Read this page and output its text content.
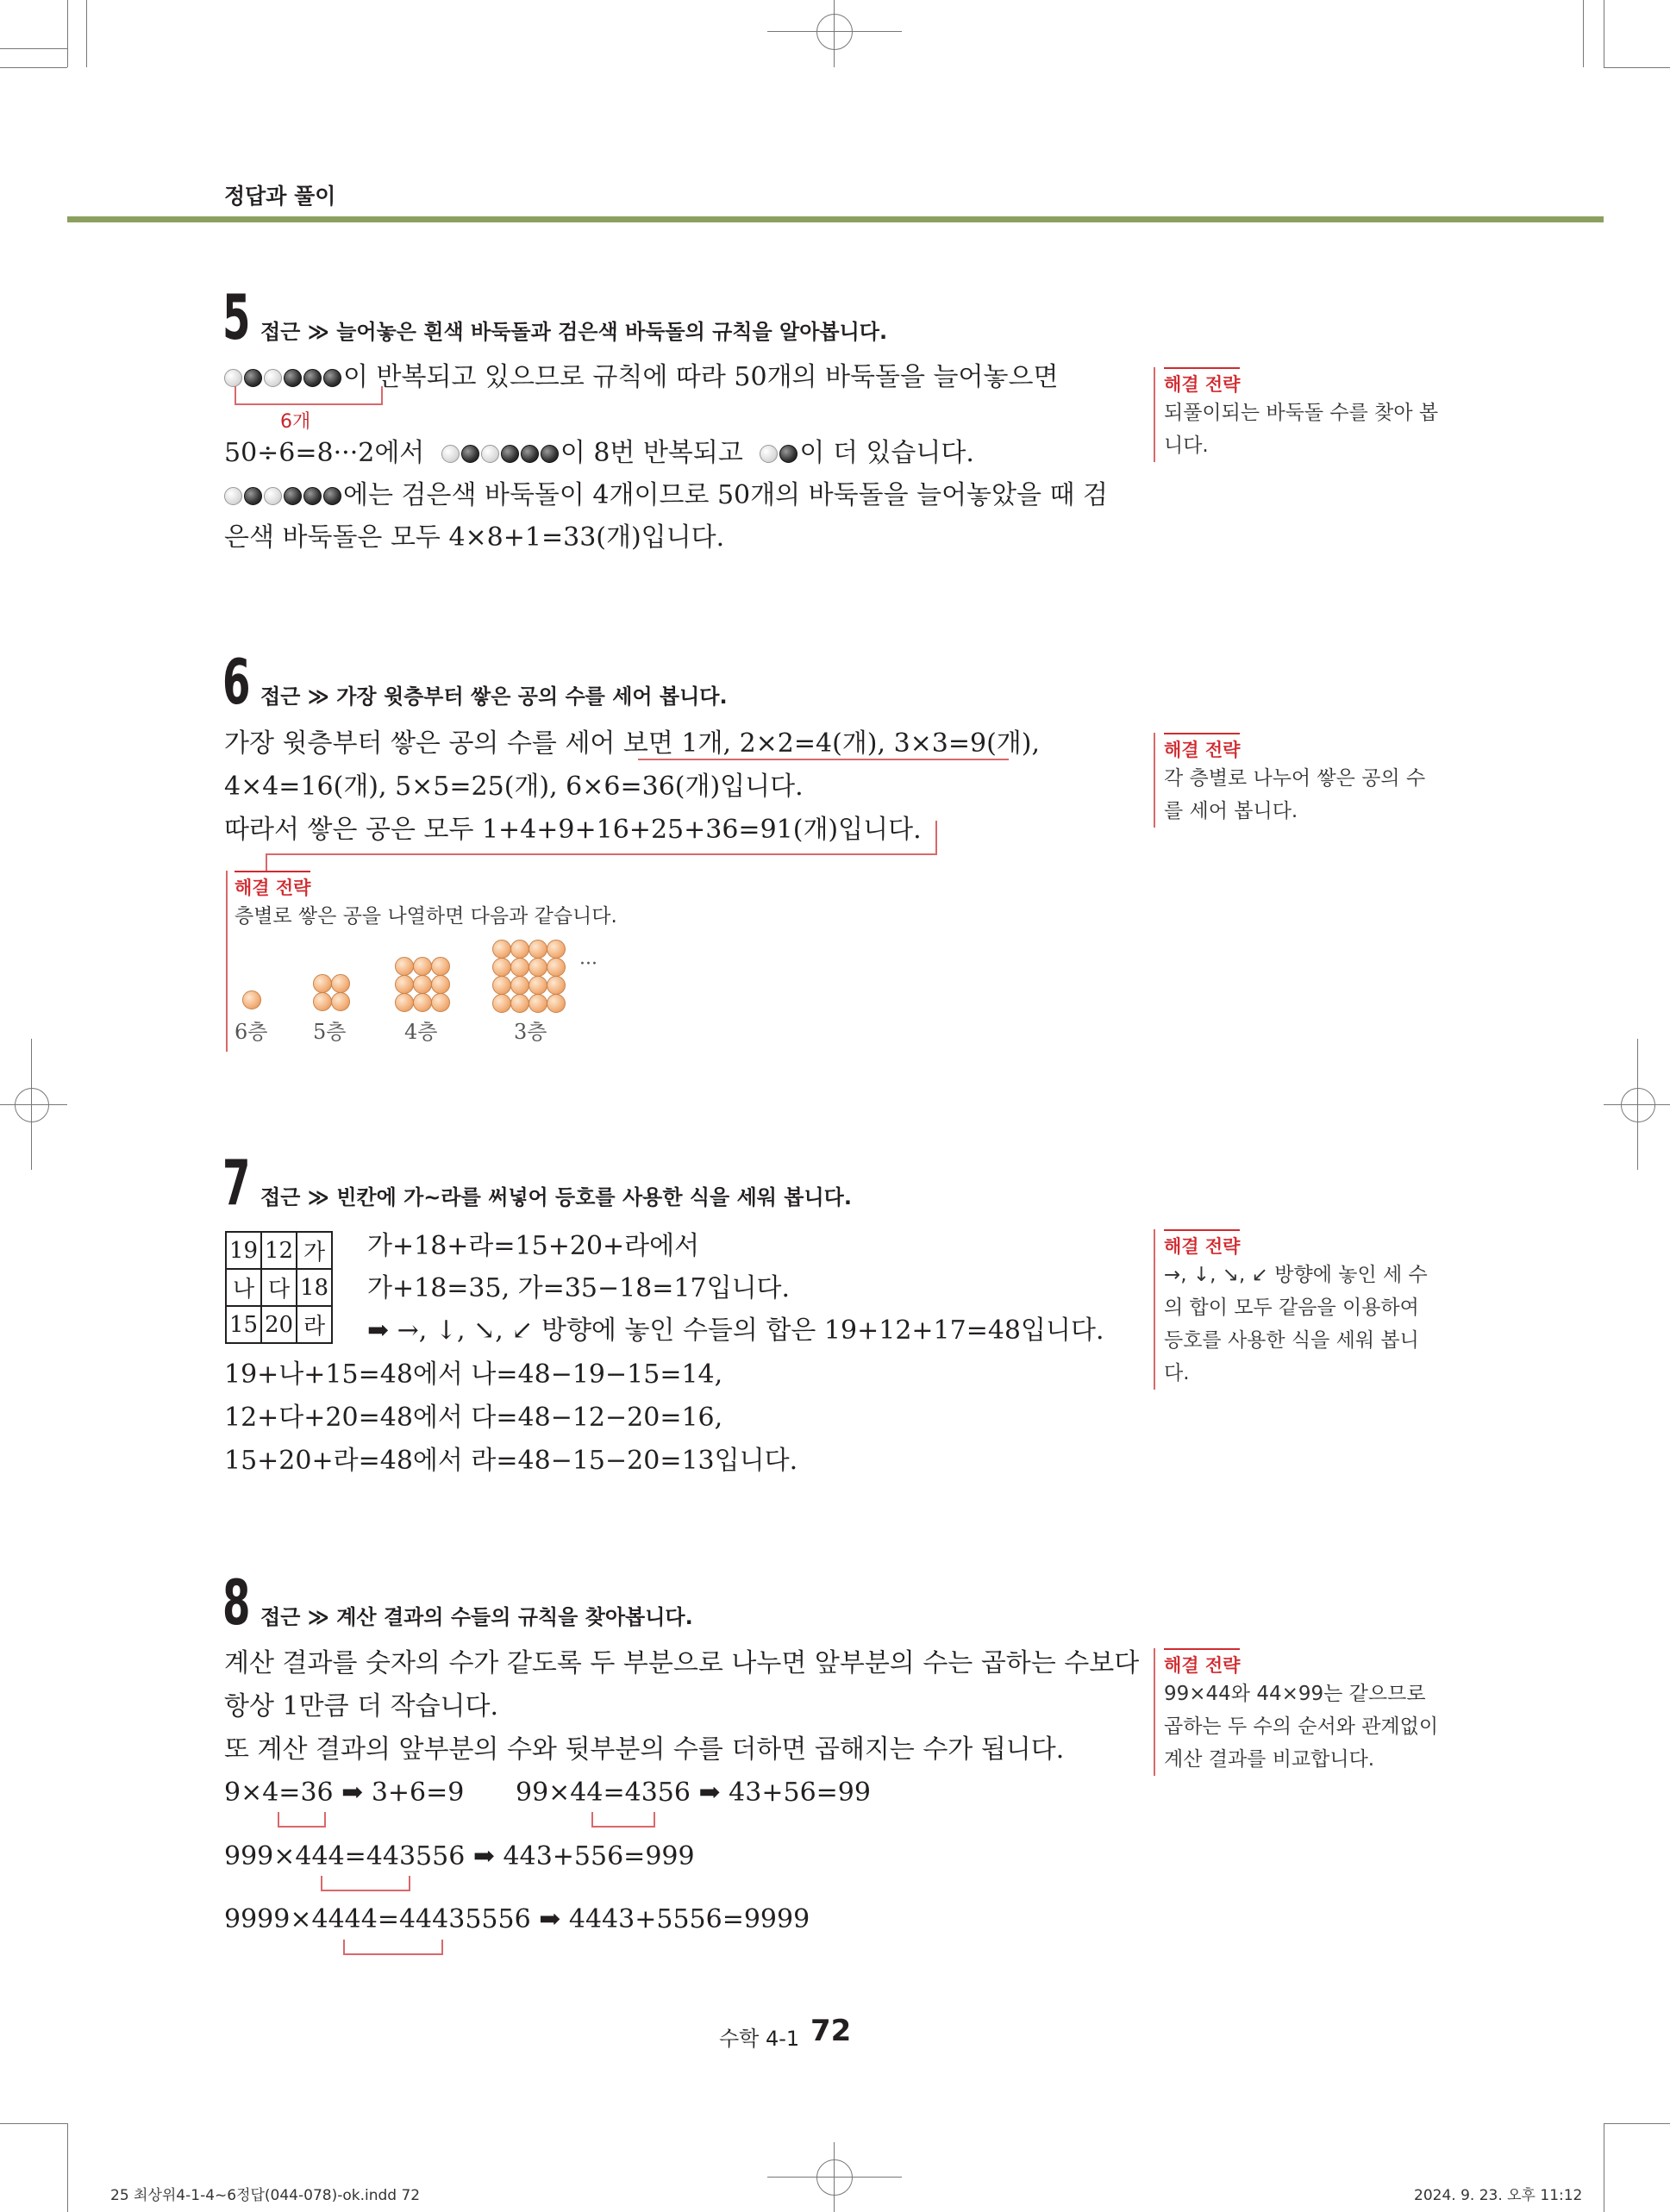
정답과 풀이
5 접근 ≫ 늘어놓은 흰색 바둑돌과 검은색 바둑돌의 규칙을 알아봅니다.
이 반복되고 있으므로 규칙에 따라 50개의 바둑돌을 늘어놓으면
6개
50÷6=8···2에서	이 8번 반복되고 이 더 있습니다.
에는 검은색 바둑돌이 4개이므로 50개의 바둑돌을 늘어놓았을 때 검
은색 바둑돌은 모두 4×8+1=33(개)입니다.
해결 전략
되풀이되는 바둑돌 수를 찾아 봅니다.
6 접근 ≫ 가장 윗층부터 쌓은 공의 수를 세어 봅니다.
가장 윗층부터 쌓은 공의 수를 세어 보면 1개, 2×2=4(개), 3×3=9(개),
4×4=16(개), 5×5=25(개), 6×6=36(개)입니다.
따라서 쌓은 공은 모두 1+4+9+16+25+36=91(개)입니다.
해결 전략
각 층별로 나누어 쌓은 공의 수를 세어 봅니다.
해결 전략
층별로 쌓은 공을 나열하면 다음과 같습니다.
···
6층 5층	4층	3층
7 접근 ≫ 빈칸에 가~라를 써넣어 등호를 사용한 식을 세워 봅니다.
19	12	가
나	다	18
15	20	라
가+18+라=15+20+라에서
가+18=35, 가=35−18=17입니다.
➡ →, ↓, ↘, ↙ 방향에 놓인 수들의 합은 19+12+17=48입니다.
19+나+15=48에서 나=48−19−15=14,
12+다+20=48에서 다=48−12−20=16,
15+20+라=48에서 라=48−15−20=13입니다.
해결 전략
→, ↓, ↘, ↙ 방향에 놓인 세 수의 합이 모두 같음을 이용하여 등호를 사용한 식을 세워 봅니다.
8 접근 ≫ 계산 결과의 수들의 규칙을 찾아봅니다.
계산 결과를 숫자의 수가 같도록 두 부분으로 나누면 앞부분의 수는 곱하는 수보다
항상 1만큼 더 작습니다.
또 계산 결과의 앞부분의 수와 뒷부분의 수를 더하면 곱해지는 수가 됩니다.
9×4=36 ➡ 3+6=9 99×44=4356 ➡ 43+56=99
999×444=443556 ➡ 443+556=999
9999×4444=44435556 ➡ 4443+5556=9999
해결 전략
99×44와 44×99는 같으므로 곱하는 두 수의 순서와 관계없이 계산 결과를 비교합니다.
수학 4-1 72
25 최상위4-1-4~6정답(044-078)-ok.indd 72	2024. 9. 23. 오후 11:12
